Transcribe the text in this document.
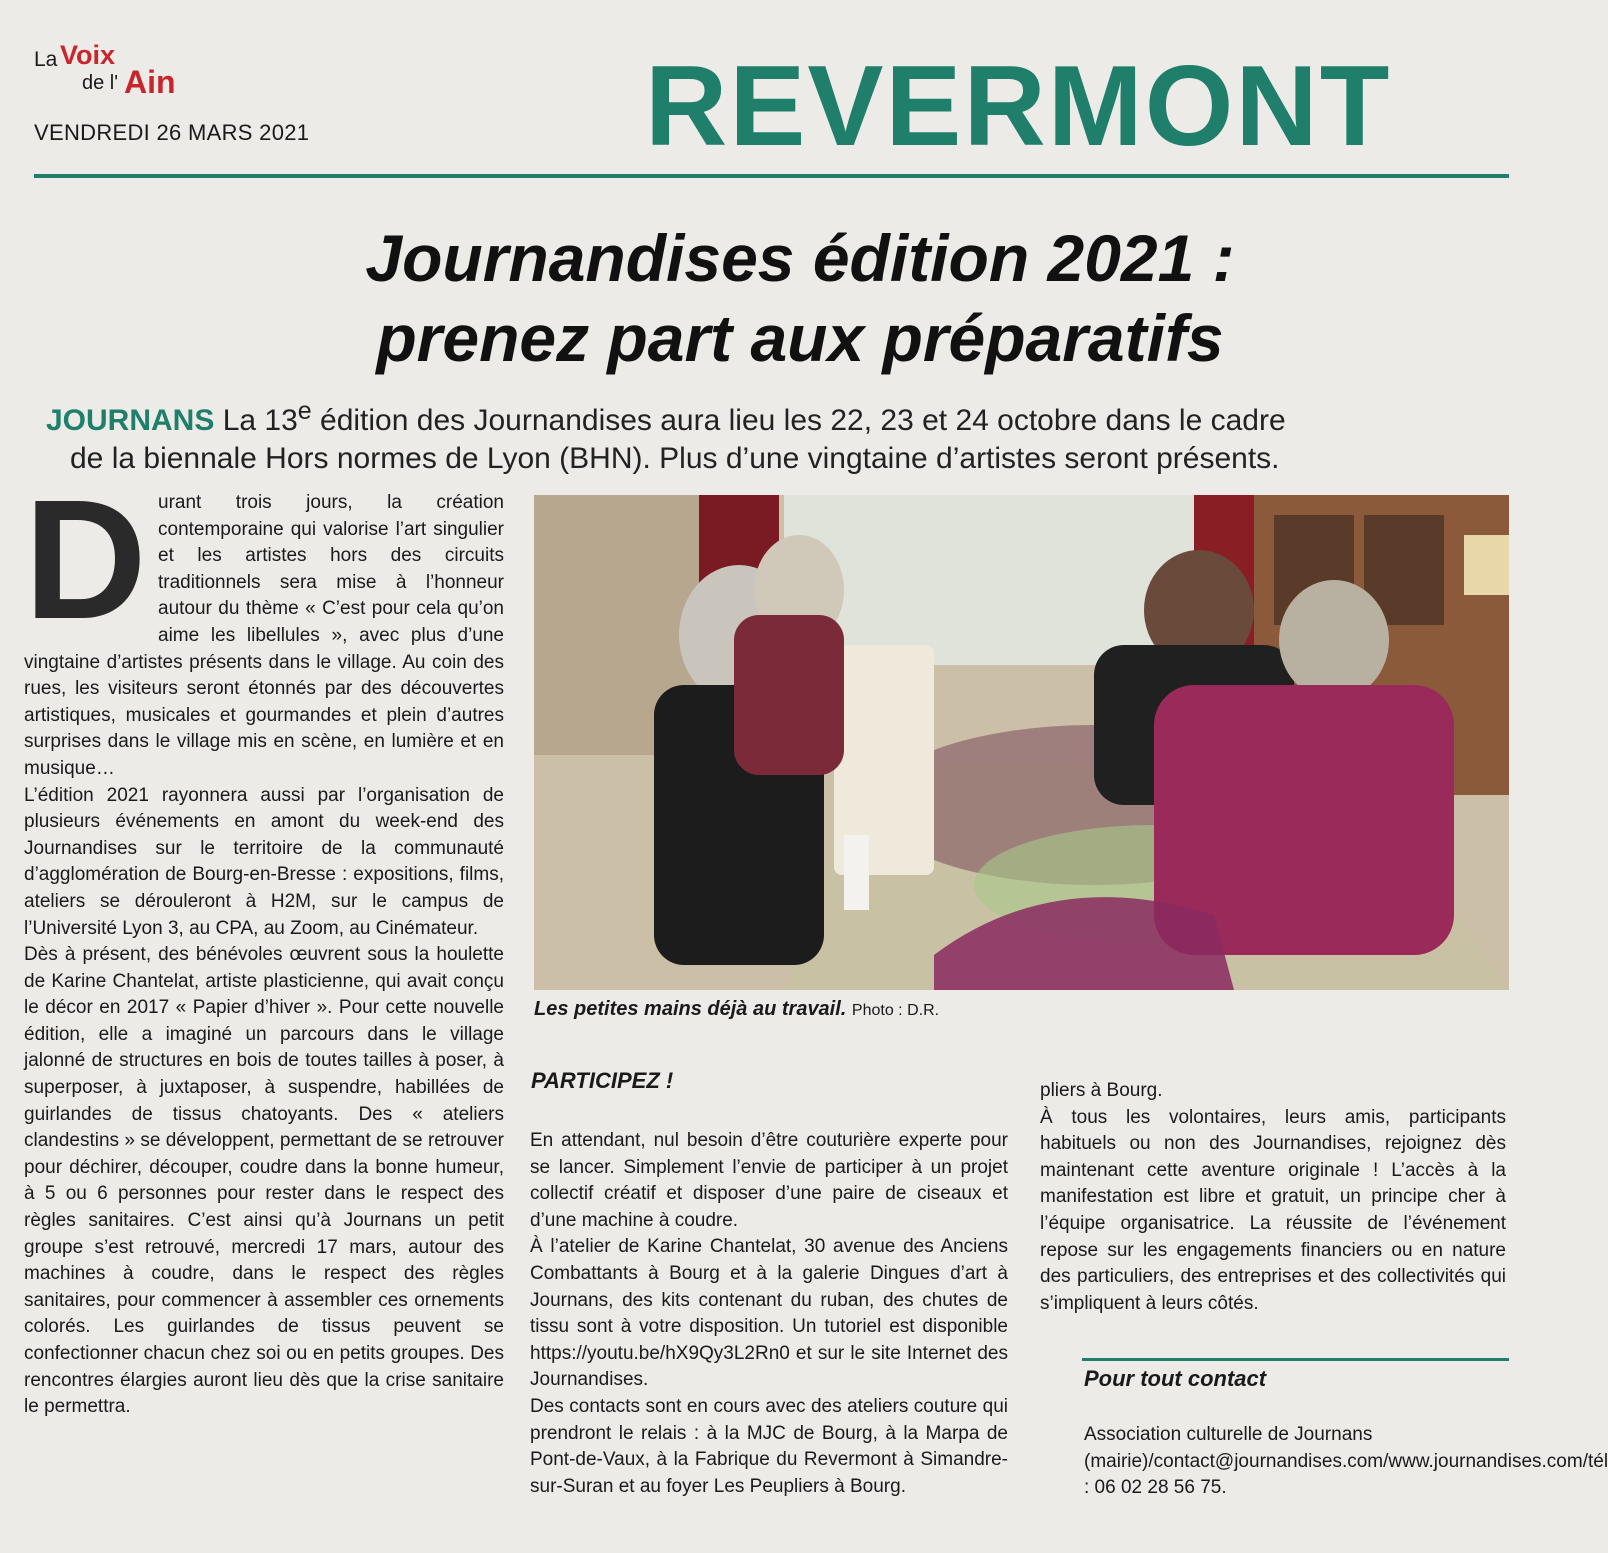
La Voix
de l' Ain
VENDREDI 26 MARS 2021	REVERMONT
Journandises édition 2021 :
prenez part aux préparatifs
JOURNANS La 13e édition des Journandises aura lieu les 22, 23 et 24 octobre dans le cadre
de la biennale Hors normes de Lyon (BHN). Plus d’une vingtaine d’artistes seront présents.
D urant trois jours, la création contemporaine qui valorise l’art singulier et les artistes hors des circuits traditionnels sera mise à l’honneur autour du thème « C’est pour cela qu’on aime les libellules », avec plus d’une vingtaine d’artistes présents dans le village. Au coin des rues, les visiteurs seront étonnés par des découvertes artistiques, musicales et gourmandes et plein d’autres surprises dans le village mis en scène, en lumière et en musique…

L’édition 2021 rayonnera aussi par l’organisation de plusieurs événements en amont du week-end des Journandises sur le territoire de la communauté d’agglomération de Bourg-en-Bresse : expositions, films, ateliers se dérouleront à H2M, sur le campus de l’Université Lyon 3, au CPA, au Zoom, au Cinémateur.

Dès à présent, des bénévoles œuvrent sous la houlette de Karine Chantelat, artiste plasticienne, qui avait conçu le décor en 2017 « Papier d’hiver ». Pour cette nouvelle édition, elle a imaginé un parcours dans le village jalonné de structures en bois de toutes tailles à poser, à superposer, à juxtaposer, à suspendre, habillées de guirlandes de tissus chatoyants. Des « ateliers clandestins » se développent, permettant de se retrouver pour déchirer, découper, coudre dans la bonne humeur, à 5 ou 6 personnes pour rester dans le respect des règles sanitaires. C’est ainsi qu’à Journans un petit groupe s’est retrouvé, mercredi 17 mars, autour des machines à coudre, dans le respect des règles sanitaires, pour commencer à assembler ces ornements colorés. Les guirlandes de tissus peuvent se confectionner chacun chez soi ou en petits groupes. Des rencontres élargies auront lieu dès que la crise sanitaire le permettra.

Les petites mains déjà au travail. Photo : D.R.
PARTICIPEZ !

En attendant, nul besoin d’être couturière experte pour se lancer. Simplement l’envie de participer à un projet collectif créatif et disposer d’une paire de ciseaux et d’une machine à coudre.

À l’atelier de Karine Chantelat, 30 avenue des Anciens Combattants à Bourg et à la galerie Dingues d’art à Journans, des kits contenant du ruban, des chutes de tissu sont à votre disposition. Un tutoriel est disponible https://youtu.be/hX9Qy3L2Rn0 et sur le site Internet des Journandises.

Des contacts sont en cours avec des ateliers couture qui prendront le relais : à la MJC de Bourg, à la Marpa de Pont-de-Vaux, à la Fabrique du Revermont à Simandre-sur-Suran et au foyer Les Peupliers à Bourg.

pliers à Bourg.

À tous les volontaires, leurs amis, participants habituels ou non des Journandises, rejoignez dès maintenant cette aventure originale ! L’accès à la manifestation est libre et gratuit, un principe cher à l’équipe organisatrice. La réussite de l’événement repose sur les engagements financiers ou en nature des particuliers, des entreprises et des collectivités qui s’impliquent à leurs côtés.

Pour tout contact
Association culturelle de Journans (mairie)/contact@journandises.com/www.journandises.com/tél : 06 02 28 56 75.
